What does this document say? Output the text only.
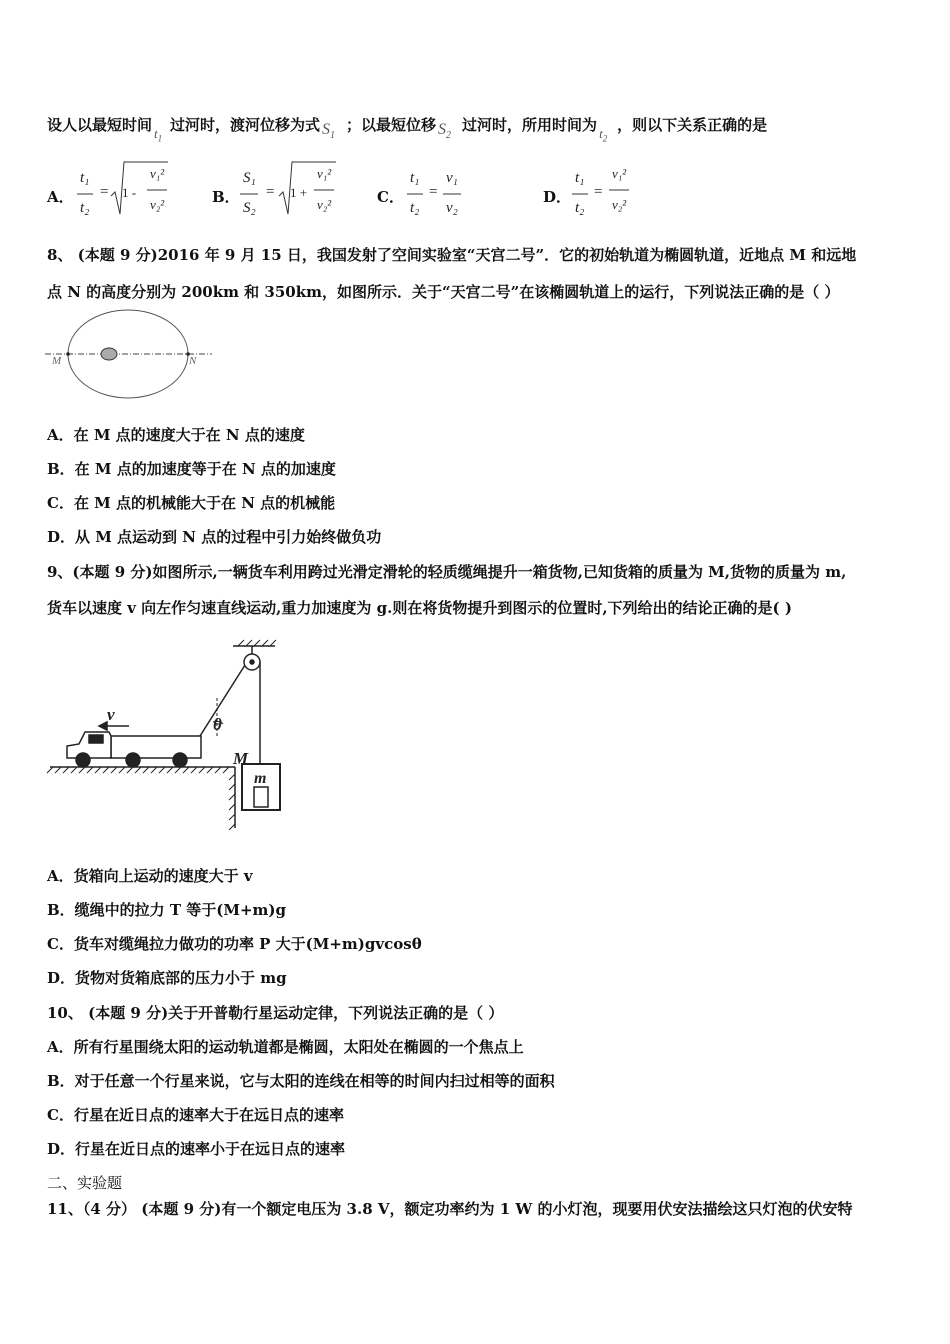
设人以最短时间 $t_1$
过河时，渡河位移为式 $S_1$
；以最短位移 $S_2$
过河时，所用时间为 $t_2$
，则以下关系正确的是
A．
t₁
t₂
= 1 -
v₁²
v₂²	B．
S₁
S₂
= 1 +
v₁²
v₂²	C．
t₁
t₂
=
v₁
v₂
D．
t₁
t₂
=
v₁²
v₂²
8、 (本题 9 分)2016 年 9 月 15 日，我国发射了空间实验室“天宫二号”．它的初始轨道为椭圆轨道，近地点 M 和远地
点 N 的高度分别为 200km 和 350km，如图所示．关于“天宫二号”在该椭圆轨道上的运行，下列说法正确的是（ ）
M	N
A．在 M 点的速度大于在 N 点的速度
B．在 M 点的加速度等于在 N 点的加速度
C．在 M 点的机械能大于在 N 点的机械能
D．从 M 点运动到 N 点的过程中引力始终做负功
9、(本题 9 分)如图所示,一辆货车利用跨过光滑定滑轮的轻质缆绳提升一箱货物,已知货箱的质量为 M,货物的质量为 m,
货车以速度 v 向左作匀速直线运动,重力加速度为 g.则在将货物提升到图示的位置时,下列给出的结论正确的是( )
v
θ
M
m
A．货箱向上运动的速度大于 v
B．缆绳中的拉力 T 等于(M+m)g
C．货车对缆绳拉力做功的功率 P 大于(M+m)gvcosθ
D．货物对货箱底部的压力小于 mg
10、 (本题 9 分)关于开普勒行星运动定律，下列说法正确的是（ ）
A．所有行星围绕太阳的运动轨道都是椭圆，太阳处在椭圆的一个焦点上
B．对于任意一个行星来说，它与太阳的连线在相等的时间内扫过相等的面积
C．行星在近日点的速率大于在远日点的速率
D．行星在近日点的速率小于在远日点的速率
二、实验题
11、（4 分） (本题 9 分)有一个额定电压为 3.8 V，额定功率约为 1 W 的小灯泡，现要用伏安法描绘这只灯泡的伏安特
